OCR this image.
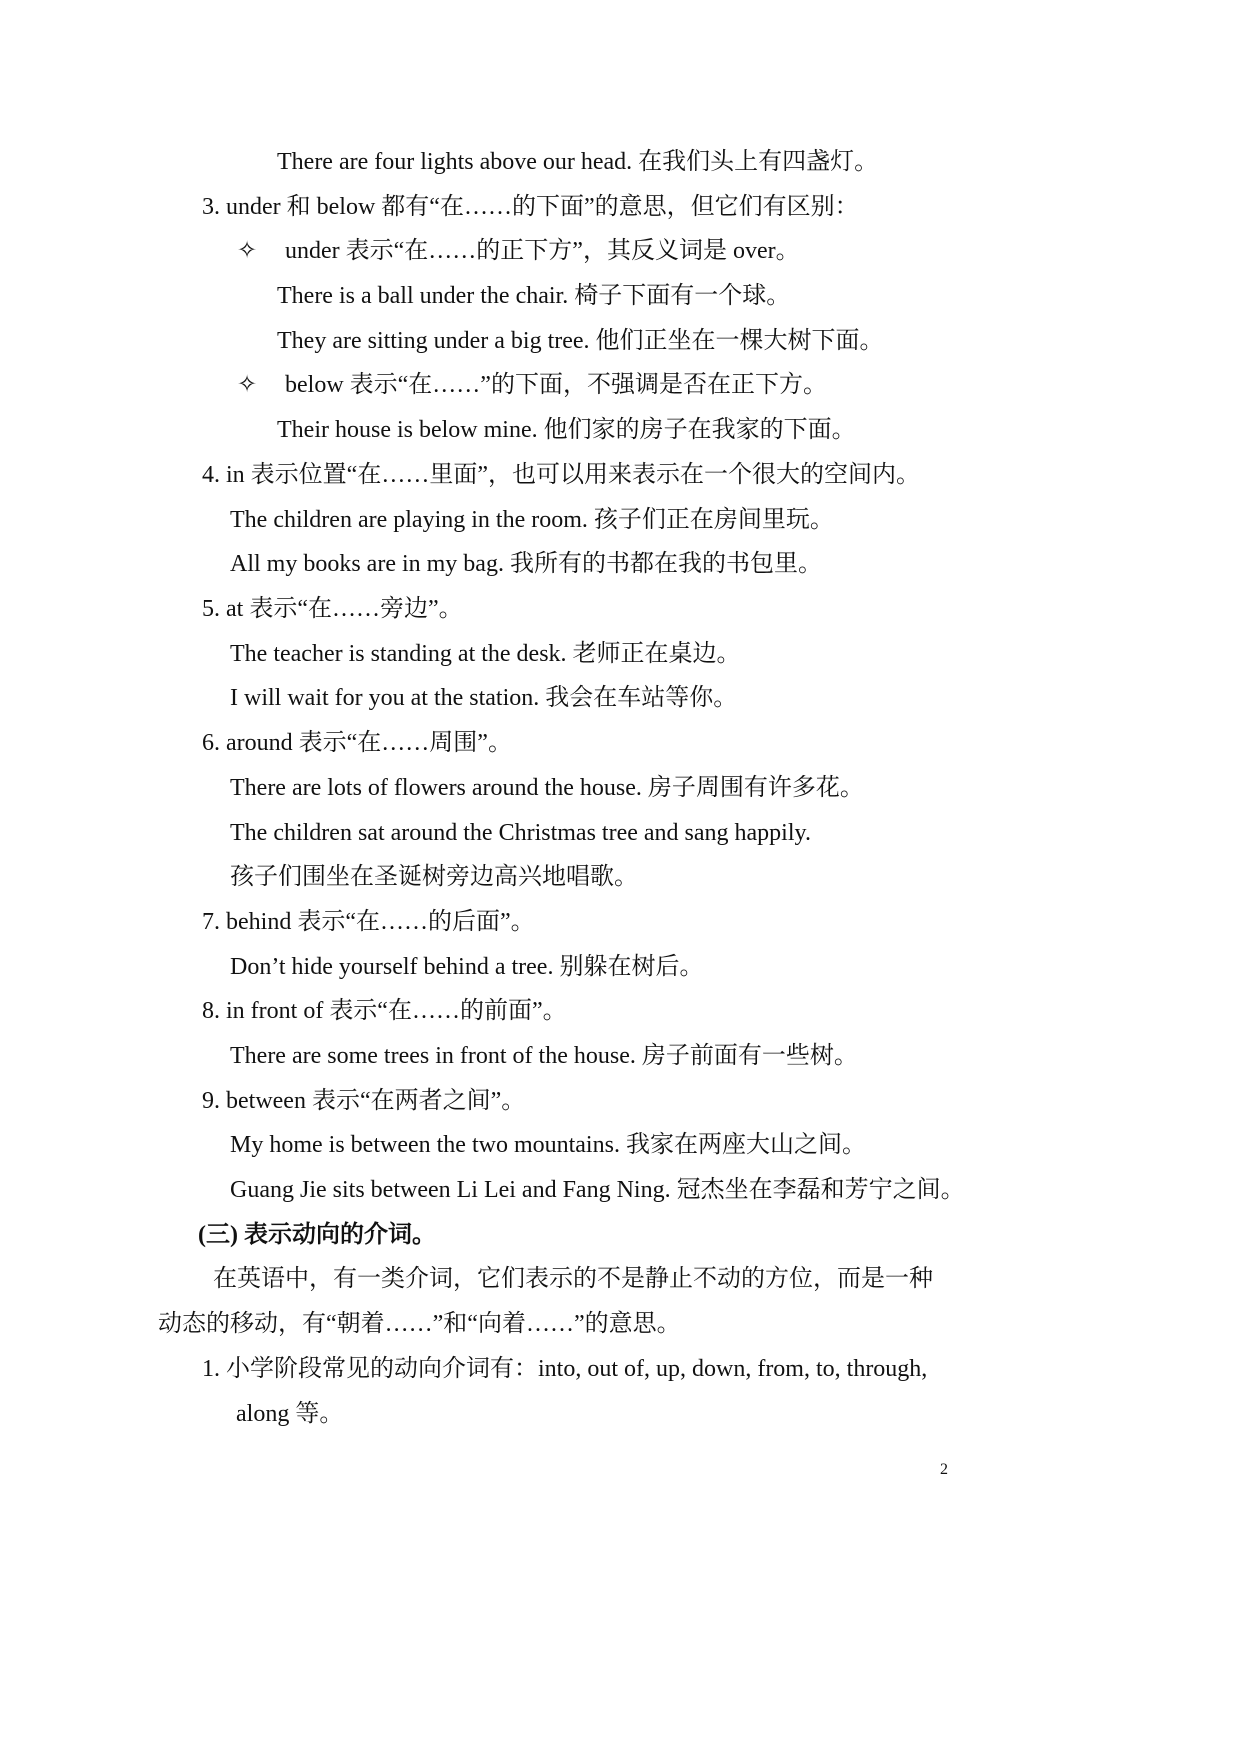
There are four lights above our head. 在我们头上有四盏灯。
3. under 和 below 都有“在……的下面”的意思，但它们有区别：
✧ under 表示“在……的正下方”，其反义词是 over。
There is a ball under the chair. 椅子下面有一个球。
They are sitting under a big tree. 他们正坐在一棵大树下面。
✧ below 表示“在……”的下面，不强调是否在正下方。
Their house is below mine. 他们家的房子在我家的下面。
4. in 表示位置“在……里面”，也可以用来表示在一个很大的空间内。
The children are playing in the room. 孩子们正在房间里玩。
All my books are in my bag. 我所有的书都在我的书包里。
5. at 表示“在……旁边”。
The teacher is standing at the desk. 老师正在桌边。
I will wait for you at the station. 我会在车站等你。
6. around 表示“在……周围”。
There are lots of flowers around the house. 房子周围有许多花。
The children sat around the Christmas tree and sang happily.
孩子们围坐在圣诞树旁边高兴地唱歌。
7. behind 表示“在……的后面”。
Don’t hide yourself behind a tree. 别躲在树后。
8. in front of 表示“在……的前面”。
There are some trees in front of the house. 房子前面有一些树。
9. between 表示“在两者之间”。
My home is between the two mountains. 我家在两座大山之间。
Guang Jie sits between Li Lei and Fang Ning. 冠杰坐在李磊和芳宁之间。
(三) 表示动向的介词。
在英语中，有一类介词，它们表示的不是静止不动的方位，而是一种
动态的移动，有“朝着……”和“向着……”的意思。
1. 小学阶段常见的动向介词有：into, out of, up, down, from, to, through,
along 等。
2
